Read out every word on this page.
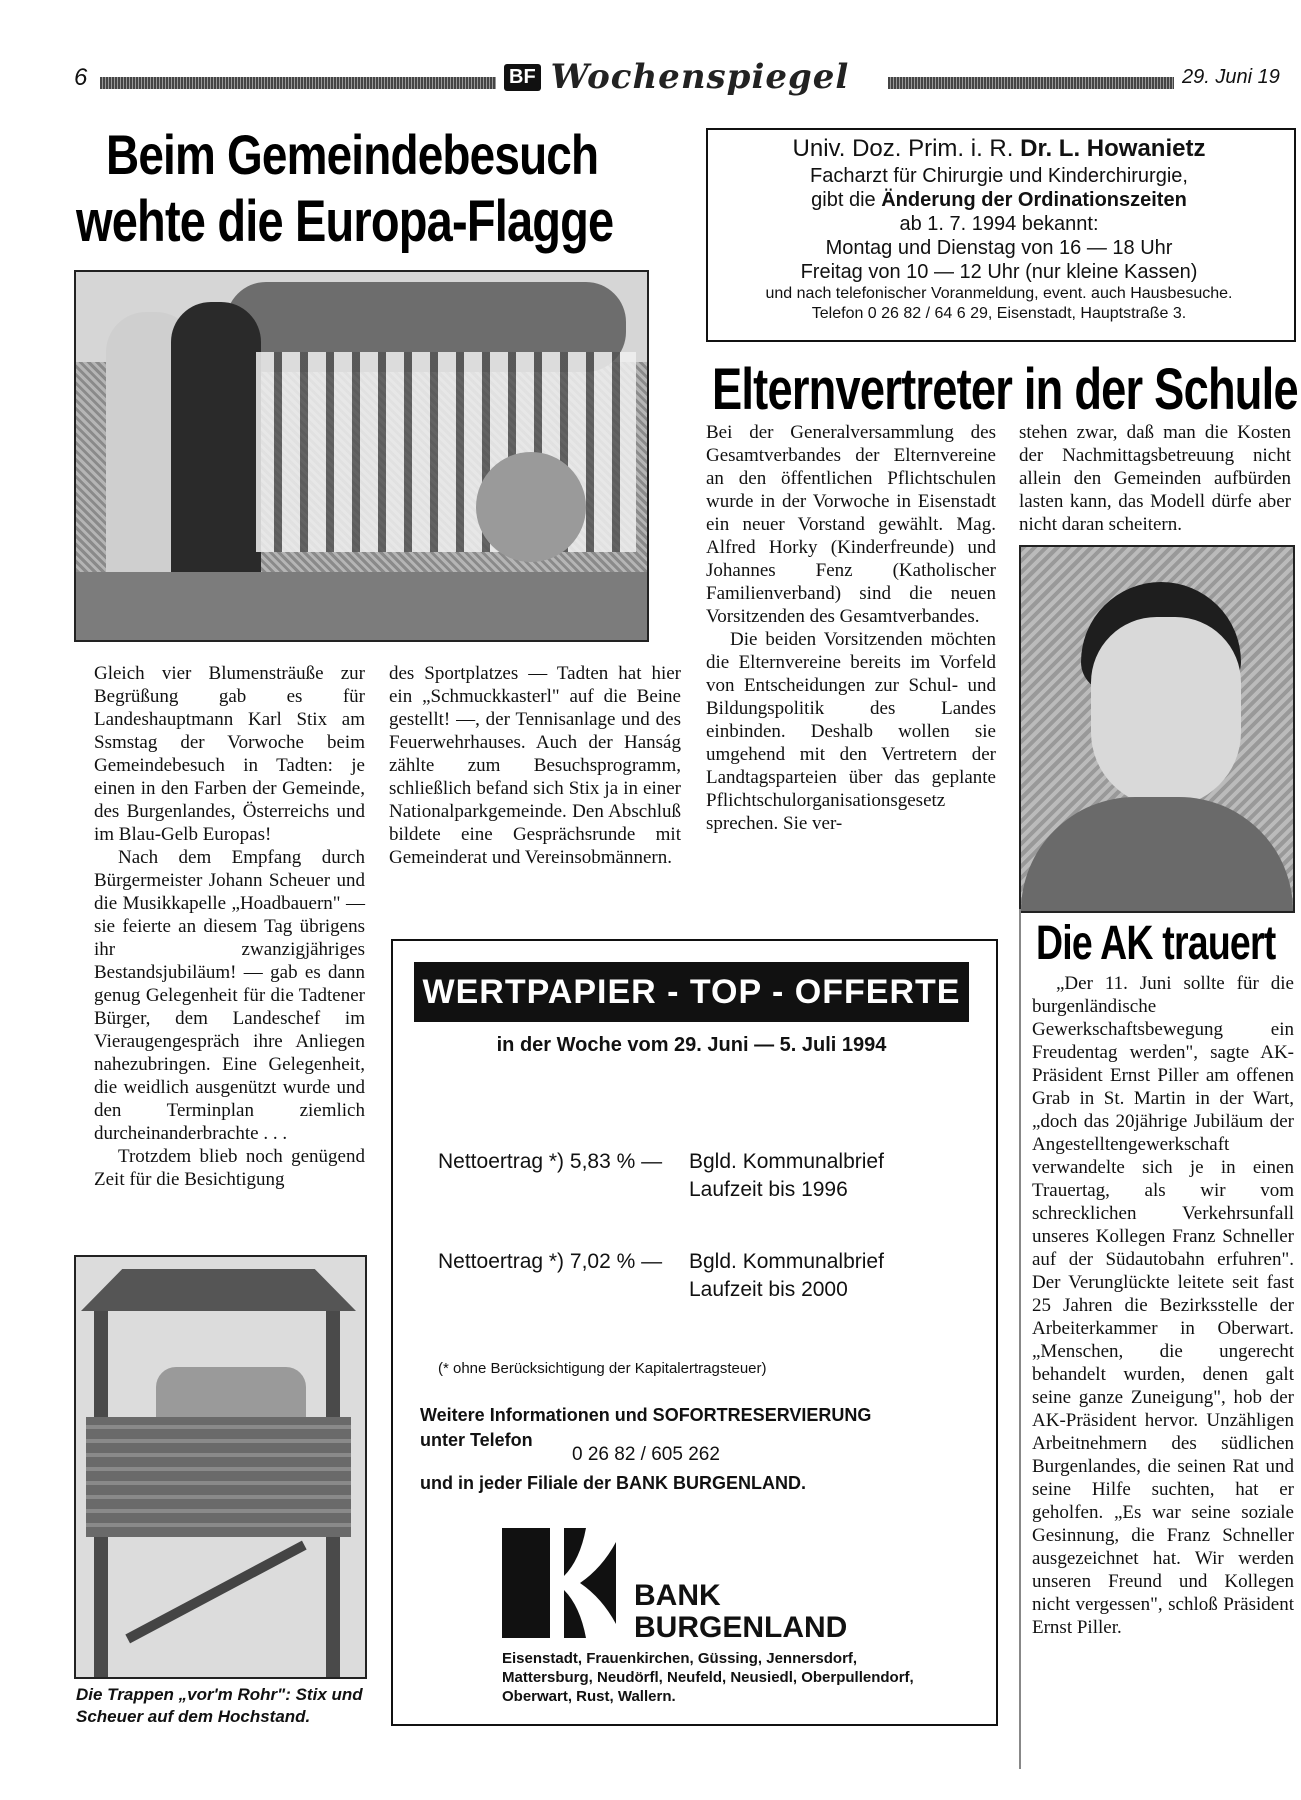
6	BF Wochenspiegel	29. Juni 19
Beim Gemeindebesuch
wehte die Europa-Flagge

Gleich vier Blumensträuße zur Begrüßung gab es für Landeshauptmann Karl Stix am Ssmstag der Vorwoche beim Gemeindebesuch in Tadten: je einen in den Farben der Gemeinde, des Burgenlandes, Österreichs und im Blau-Gelb Europas!

Nach dem Empfang durch Bürgermeister Johann Scheuer und die Musikkapelle „Hoadbauern" — sie feierte an diesem Tag übrigens ihr zwanzigjähriges Bestandsjubiläum! — gab es dann genug Gelegenheit für die Tadtener Bürger, dem Landeschef im Vieraugengespräch ihre Anliegen nahezubringen. Eine Gelegenheit, die weidlich ausgenützt wurde und den Terminplan ziemlich durcheinanderbrachte . . .

Trotzdem blieb noch genügend Zeit für die Besichtigung

des Sportplatzes — Tadten hat hier ein „Schmuckkasterl" auf die Beine gestellt! —, der Tennisanlage und des Feuerwehrhauses. Auch der Hanság zählte zum Besuchsprogramm, schließlich befand sich Stix ja in einer Nationalparkgemeinde. Den Abschluß bildete eine Gesprächsrunde mit Gemeinderat und Vereinsobmännern.

Die Trappen „vor'm Rohr": Stix und Scheuer auf dem Hochstand.
Univ. Doz. Prim. i. R. Dr. L. Howanietz
Facharzt für Chirurgie und Kinderchirurgie,
gibt die Änderung der Ordinationszeiten
ab 1. 7. 1994 bekannt:
Montag und Dienstag von 16 — 18 Uhr
Freitag von 10 — 12 Uhr (nur kleine Kassen)
und nach telefonischer Voranmeldung, event. auch Hausbesuche.
Telefon 0 26 82 / 64 6 29, Eisenstadt, Hauptstraße 3.
Elternvertreter in der Schule

Bei der Generalversammlung des Gesamtverbandes der Elternvereine an den öffentlichen Pflichtschulen wurde in der Vorwoche in Eisenstadt ein neuer Vorstand gewählt. Mag. Alfred Horky (Kinderfreunde) und Johannes Fenz (Katholischer Familienverband) sind die neuen Vorsitzenden des Gesamtverbandes.

Die beiden Vorsitzenden möchten die Elternvereine bereits im Vorfeld von Entscheidungen zur Schul- und Bildungspolitik des Landes einbinden. Deshalb wollen sie umgehend mit den Vertretern der Landtagsparteien über das geplante Pflichtschulorganisationsgesetz sprechen. Sie ver-

stehen zwar, daß man die Kosten der Nachmittagsbetreuung nicht allein den Gemeinden aufbürden lasten kann, das Modell dürfe aber nicht daran scheitern.

Die AK trauert

„Der 11. Juni sollte für die burgenländische Gewerkschaftsbewegung ein Freudentag werden", sagte AK-Präsident Ernst Piller am offenen Grab in St. Martin in der Wart, „doch das 20jährige Jubiläum der Angestelltengewerkschaft verwandelte sich je in einen Trauertag, als wir vom schrecklichen Verkehrsunfall unseres Kollegen Franz Schneller auf der Südautobahn erfuhren". Der Verunglückte leitete seit fast 25 Jahren die Bezirksstelle der Arbeiterkammer in Oberwart. „Menschen, die ungerecht behandelt wurden, denen galt seine ganze Zuneigung", hob der AK-Präsident hervor. Unzähligen Arbeitnehmern des südlichen Burgenlandes, die seinen Rat und seine Hilfe suchten, hat er geholfen. „Es war seine soziale Gesinnung, die Franz Schneller ausgezeichnet hat. Wir werden unseren Freund und Kollegen nicht vergessen", schloß Präsident Ernst Piller.

WERTPAPIER - TOP - OFFERTE
in der Woche vom 29. Juni — 5. Juli 1994
Nettoertrag *) 5,83 % — Bgld. Kommunalbrief
Laufzeit bis 1996
Nettoertrag *) 7,02 % — Bgld. Kommunalbrief
Laufzeit bis 2000
(* ohne Berücksichtigung der Kapitalertragsteuer)
Weitere Informationen und SOFORTRESERVIERUNG
unter Telefon
0 26 82 / 605 262
und in jeder Filiale der BANK BURGENLAND.
BANK
BURGENLAND
Eisenstadt, Frauenkirchen, Güssing, Jennersdorf, Mattersburg, Neudörfl, Neufeld, Neusiedl, Oberpullendorf, Oberwart, Rust, Wallern.
